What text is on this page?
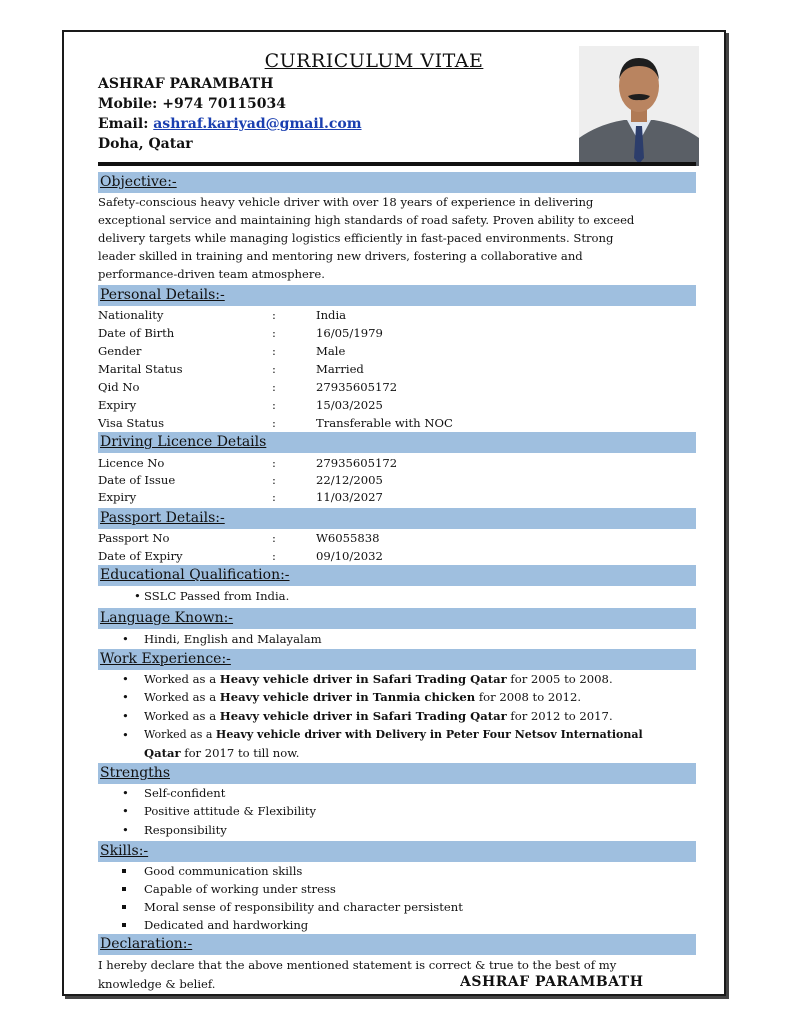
CURRICULUM VITAE
ASHRAF PARAMBATH
Mobile: +974 70115034
Email: ashraf.kariyad@gmail.com
Doha, Qatar
Objective:-
Safety-conscious heavy vehicle driver with over 18 years of experience in delivering
exceptional service and maintaining high standards of road safety. Proven ability to exceed
delivery targets while managing logistics efficiently in fast-paced environments. Strong
leader skilled in training and mentoring new drivers, fostering a collaborative and
performance-driven team atmosphere.
Personal Details:-
Nationality	:	India
Date of Birth	:	16/05/1979
Gender	:	Male
Marital Status	:	Married
Qid No	:	27935605172
Expiry	:	15/03/2025
Visa Status	:	Transferable with NOC
Driving Licence Details
Licence No	:	27935605172
Date of Issue	:	22/12/2005
Expiry	:	11/03/2027
Passport Details:-
Passport No	:	W6055838
Date of Expiry	:	09/10/2032
Educational Qualification:-
• SSLC Passed from India.
Language Known:-
• Hindi, English and Malayalam
Work Experience:-
• Worked as a Heavy vehicle driver in Safari Trading Qatar for 2005 to 2008.
• Worked as a Heavy vehicle driver in Tanmia chicken for 2008 to 2012.
• Worked as a Heavy vehicle driver in Safari Trading Qatar for 2012 to 2017.
• Worked as a Heavy vehicle driver with Delivery in Peter Four Netsov International
Qatar for 2017 to till now.
Strengths
• Self-confident
• Positive attitude & Flexibility
• Responsibility
Skills:-
Good communication skills
Capable of working under stress
Moral sense of responsibility and character persistent
Dedicated and hardworking
Declaration:-
I hereby declare that the above mentioned statement is correct & true to the best of my
knowledge & belief.	ASHRAF PARAMBATH
